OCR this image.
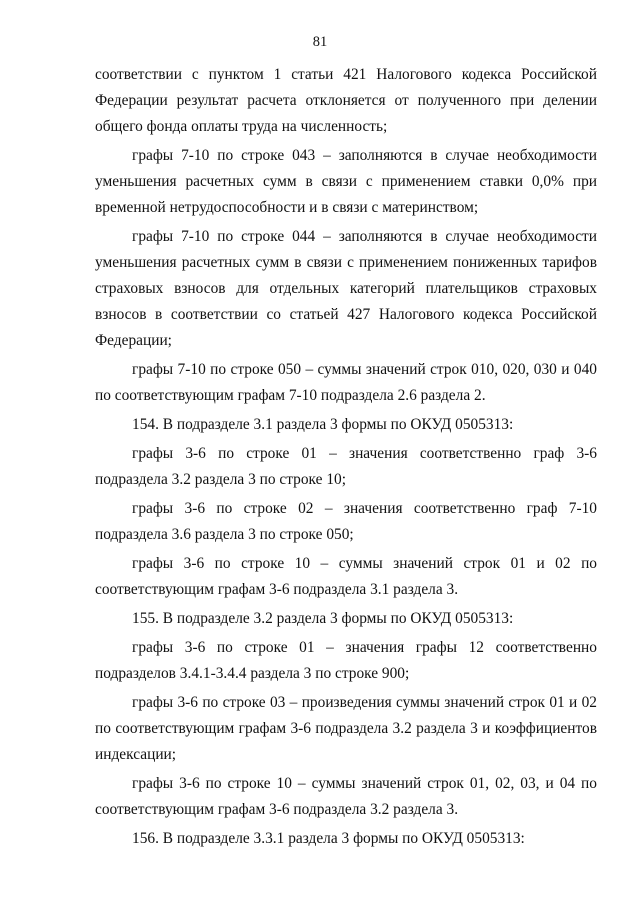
81

соответствии с пунктом 1 статьи 421 Налогового кодекса Российской Федерации результат расчета отклоняется от полученного при делении общего фонда оплаты труда на численность;

графы 7-10 по строке 043 – заполняются в случае необходимости уменьшения расчетных сумм в связи с применением ставки 0,0% при временной нетрудоспособности и в связи с материнством;

графы 7-10 по строке 044 – заполняются в случае необходимости уменьшения расчетных сумм в связи с применением пониженных тарифов страховых взносов для отдельных категорий плательщиков страховых взносов в соответствии со статьей 427 Налогового кодекса Российской Федерации;

графы 7-10 по строке 050 – суммы значений строк 010, 020, 030 и 040 по соответствующим графам 7-10 подраздела 2.6 раздела 2.

154. В подразделе 3.1 раздела 3 формы по ОКУД 0505313:

графы 3-6 по строке 01 – значения соответственно граф 3-6 подраздела 3.2 раздела 3 по строке 10;

графы 3-6 по строке 02 – значения соответственно граф 7-10 подраздела 3.6 раздела 3 по строке 050;

графы 3-6 по строке 10 – суммы значений строк 01 и 02 по соответствующим графам 3-6 подраздела 3.1 раздела 3.

155. В подразделе 3.2 раздела 3 формы по ОКУД 0505313:

графы 3-6 по строке 01 – значения графы 12 соответственно подразделов 3.4.1-3.4.4 раздела 3 по строке 900;

графы 3-6 по строке 03 – произведения суммы значений строк 01 и 02 по соответствующим графам 3-6 подраздела 3.2 раздела 3 и коэффициентов индексации;

графы 3-6 по строке 10 – суммы значений строк 01, 02, 03, и 04 по соответствующим графам 3-6 подраздела 3.2 раздела 3.

156. В подразделе 3.3.1 раздела 3 формы по ОКУД 0505313:
